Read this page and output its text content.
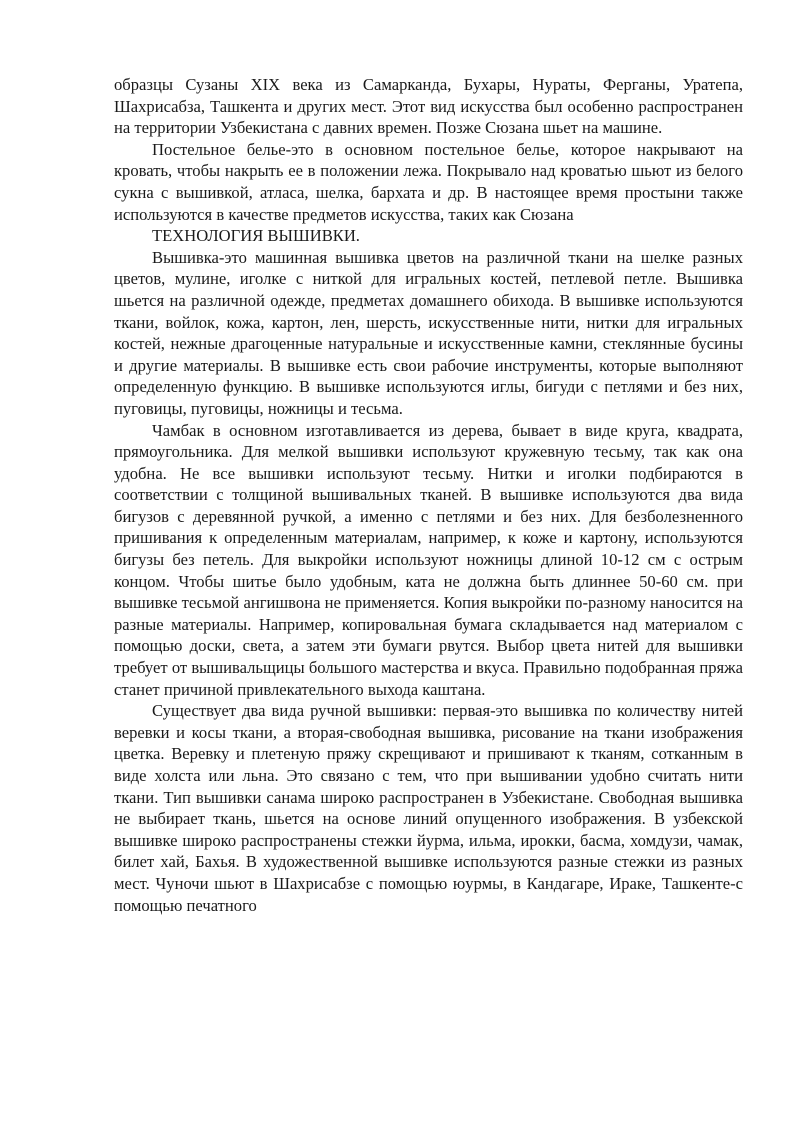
образцы Сузаны XIX века из Самарканда, Бухары, Нураты, Ферганы, Уратепа, Шахрисабза, Ташкента и других мест. Этот вид искусства был особенно распространен на территории Узбекистана с давних времен. Позже Сюзана шьет на машине.

Постельное белье-это в основном постельное белье, которое накрывают на кровать, чтобы накрыть ее в положении лежа. Покрывало над кроватью шьют из белого сукна с вышивкой, атласа, шелка, бархата и др. В настоящее время простыни также используются в качестве предметов искусства, таких как Сюзана

ТЕХНОЛОГИЯ ВЫШИВКИ.

Вышивка-это машинная вышивка цветов на различной ткани на шелке разных цветов, мулине, иголке с ниткой для игральных костей, петлевой петле. Вышивка шьется на различной одежде, предметах домашнего обихода. В вышивке используются ткани, войлок, кожа, картон, лен, шерсть, искусственные нити, нитки для игральных костей, нежные драгоценные натуральные и искусственные камни, стеклянные бусины и другие материалы. В вышивке есть свои рабочие инструменты, которые выполняют определенную функцию. В вышивке используются иглы, бигуди с петлями и без них, пуговицы, пуговицы, ножницы и тесьма.

Чамбак в основном изготавливается из дерева, бывает в виде круга, квадрата, прямоугольника. Для мелкой вышивки используют кружевную тесьму, так как она удобна. Не все вышивки используют тесьму. Нитки и иголки подбираются в соответствии с толщиной вышивальных тканей. В вышивке используются два вида бигузов с деревянной ручкой, а именно с петлями и без них. Для безболезненного пришивания к определенным материалам, например, к коже и картону, используются бигузы без петель. Для выкройки используют ножницы длиной 10-12 см с острым концом. Чтобы шитье было удобным, ката не должна быть длиннее 50-60 см. при вышивке тесьмой ангишвона не применяется. Копия выкройки по-разному наносится на разные материалы. Например, копировальная бумага складывается над материалом с помощью доски, света, а затем эти бумаги рвутся. Выбор цвета нитей для вышивки требует от вышивальщицы большого мастерства и вкуса. Правильно подобранная пряжа станет причиной привлекательного выхода каштана.

Существует два вида ручной вышивки: первая-это вышивка по количеству нитей веревки и косы ткани, а вторая-свободная вышивка, рисование на ткани изображения цветка. Веревку и плетеную пряжу скрещивают и пришивают к тканям, сотканным в виде холста или льна. Это связано с тем, что при вышивании удобно считать нити ткани. Тип вышивки санама широко распространен в Узбекистане. Свободная вышивка не выбирает ткань, шьется на основе линий опущенного изображения. В узбекской вышивке широко распространены стежки йурма, ильма, ирокки, басма, хомдузи, чамак, билет хай, Бахья. В художественной вышивке используются разные стежки из разных мест. Чуночи шьют в Шахрисабзе с помощью юурмы, в Кандагаре, Ираке, Ташкенте-с помощью печатного
